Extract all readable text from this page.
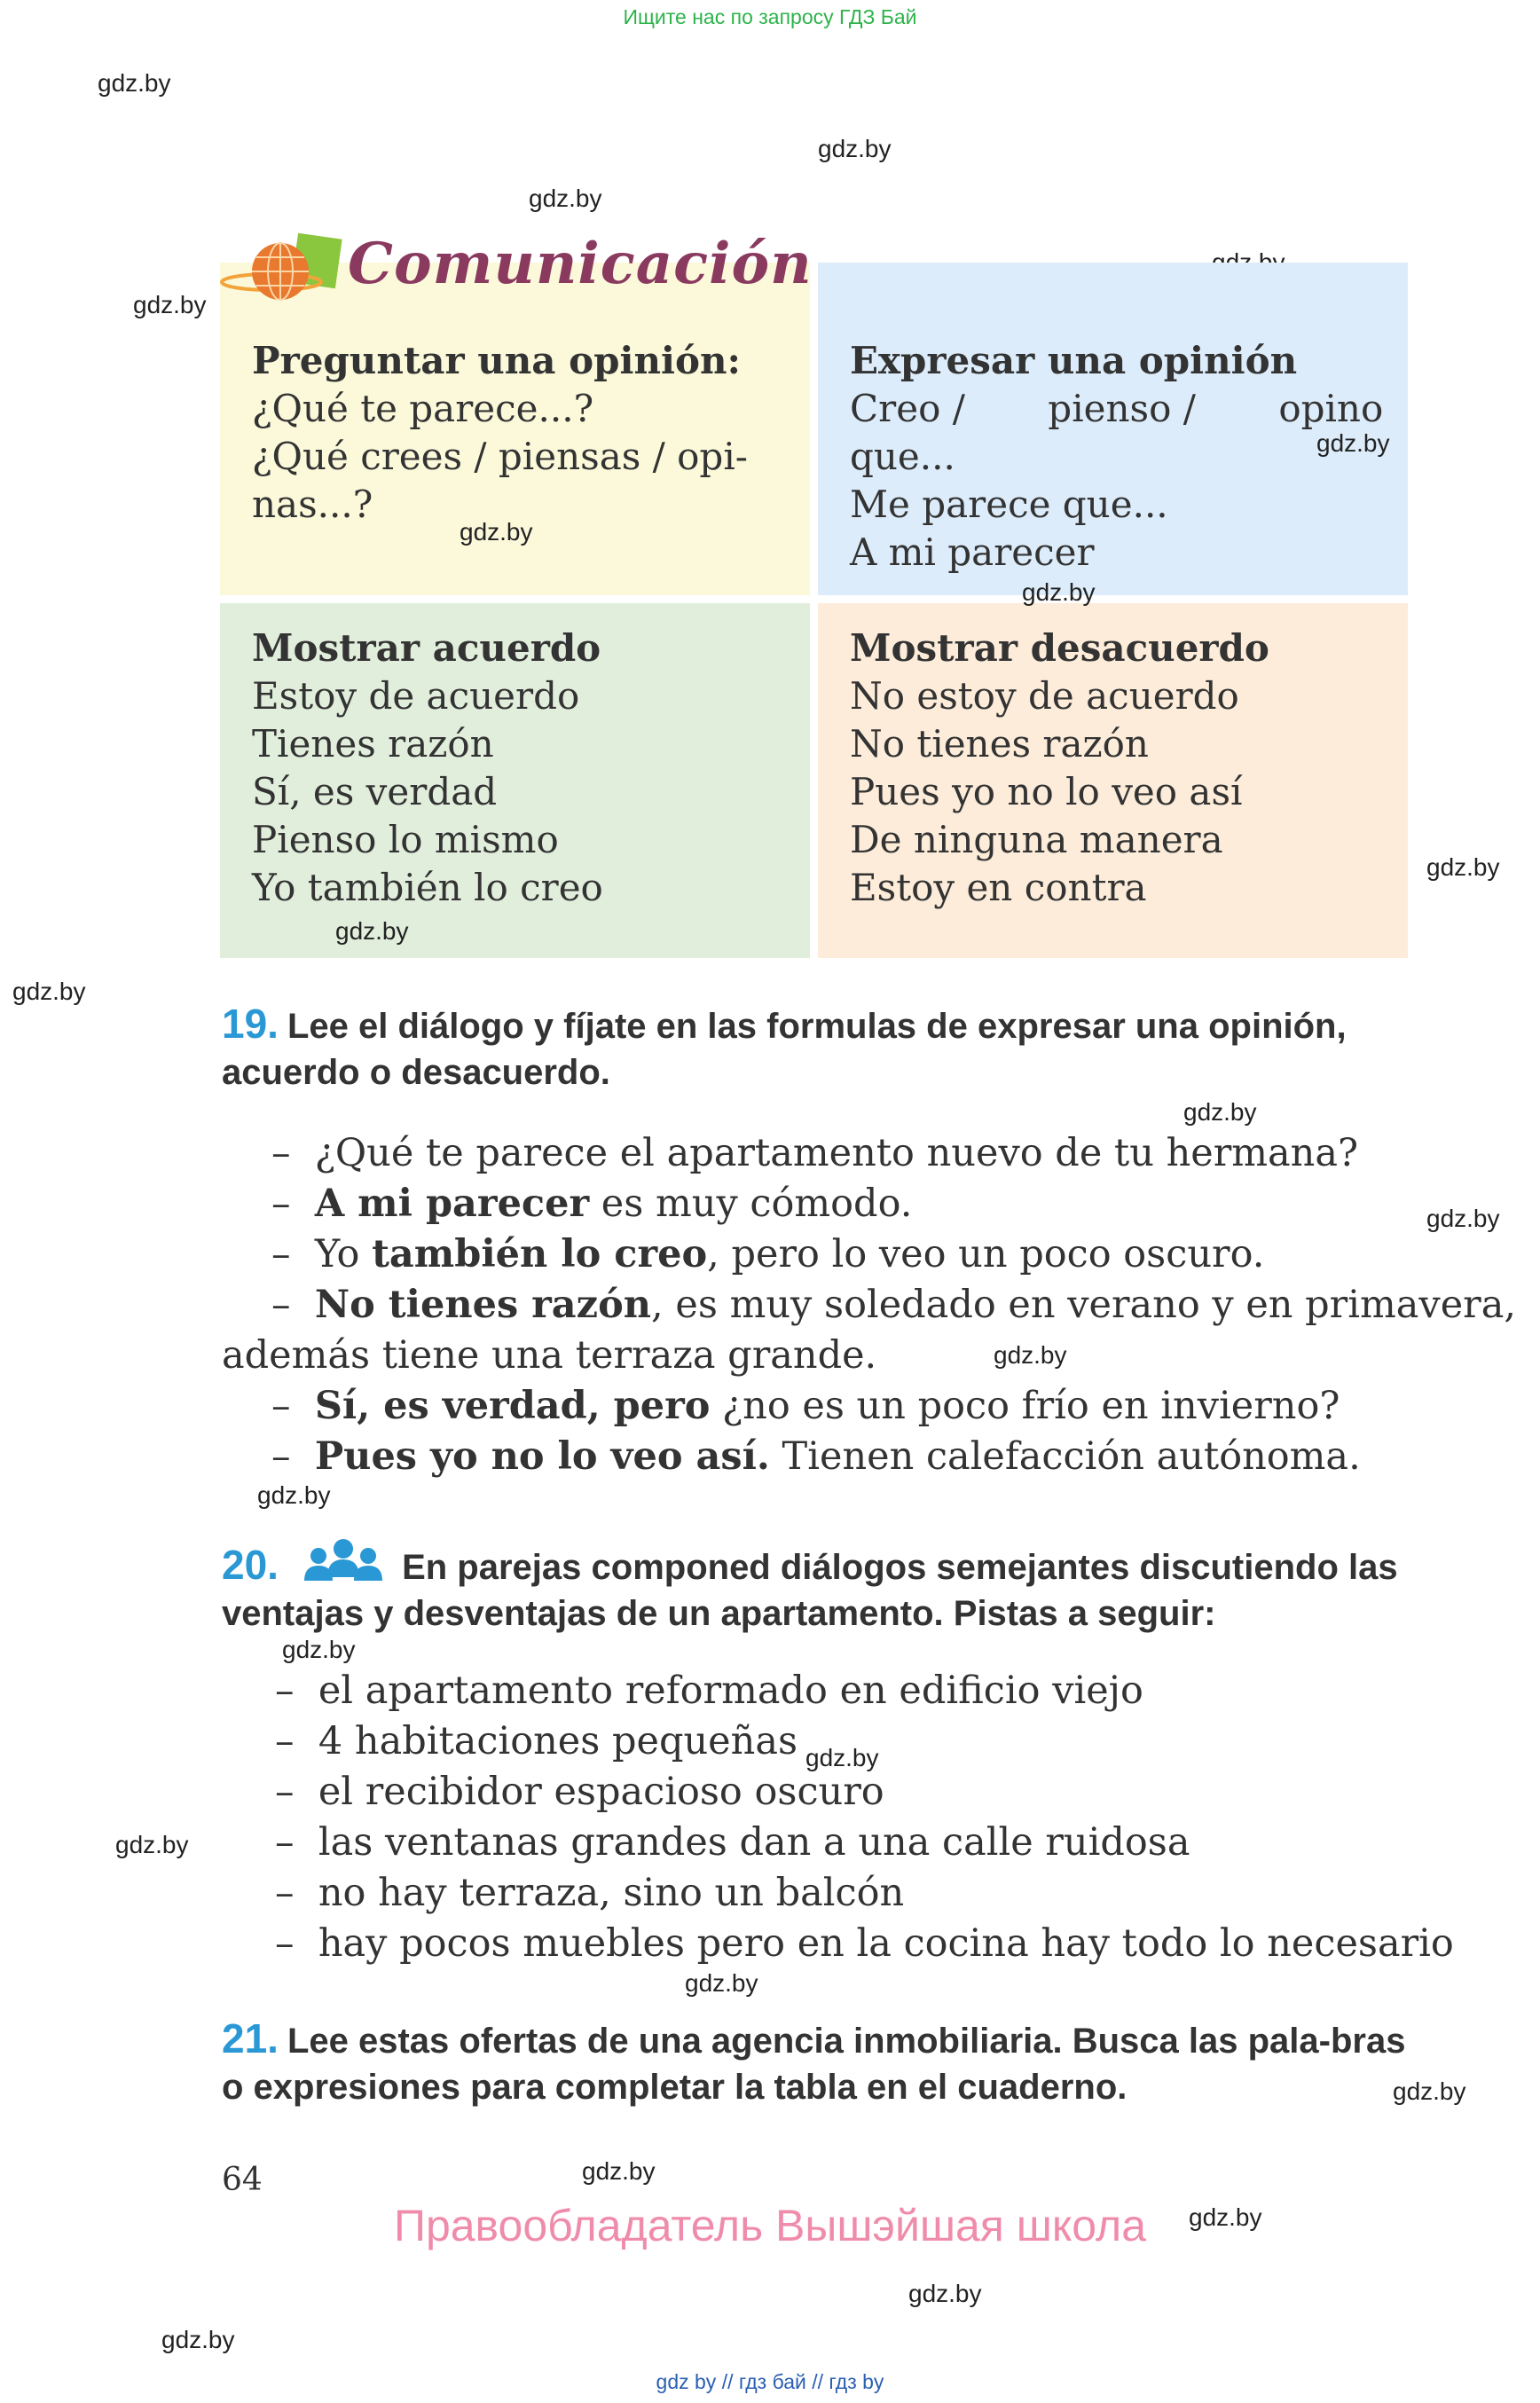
Ищите нас по запросу ГДЗ Бай
gdz.by
gdz.by
gdz.by
gdz.by
Preguntar una opinión:
¿Qué te parece...?
¿Qué crees / piensas / opi-
nas...?
Expresar una opinión
Creo /       pienso /       opino
que...
Me parece que...
A mi parecer
Mostrar acuerdo
Estoy de acuerdo
Tienes razón
Sí, es verdad
Pienso lo mismo
Yo también lo creo
Mostrar desacuerdo
No estoy de acuerdo
No tienes razón
Pues yo no lo veo así
De ninguna manera
Estoy en contra
Comunicación
gdz.by
gdz.by
gdz.by
gdz.by
gdz.by
gdz.by
19. Lee el diálogo y fíjate en las formulas de expresar una opinión, acuerdo o desacuerdo.
gdz.by
–  ¿Qué te parece el apartamento nuevo de tu hermana?
–  A mi parecer es muy cómodo.
–  Yo también lo creo, pero lo veo un poco oscuro.
–  No tienes razón, es muy soledado en verano y en primavera,
además tiene una terraza grande.
–  Sí, es verdad, pero ¿no es un poco frío en invierno?
–  Pues yo no lo veo así. Tienen calefacción autónoma.
gdz.by
gdz.by
gdz.by
20.	En parejas componed diálogos semejantes discutiendo las ventajas y desventajas de un apartamento. Pistas a seguir:
gdz.by
–  el apartamento reformado en edificio viejo
–  4 habitaciones pequeñas
–  el recibidor espacioso oscuro
–  las ventanas grandes dan a una calle ruidosa
–  no hay terraza, sino un balcón
–  hay pocos muebles pero en la cocina hay todo lo necesario
gdz.by
gdz.by
gdz.by
21. Lee estas ofertas de una agencia inmobiliaria. Busca las pala-bras o expresiones para completar la tabla en el cuaderno.	gdz.by
gdz.by
gdz.by
gdz.by
gdz.by
64
Правообладатель Вышэйшая школа
gdz by // гдз бай // гдз by
